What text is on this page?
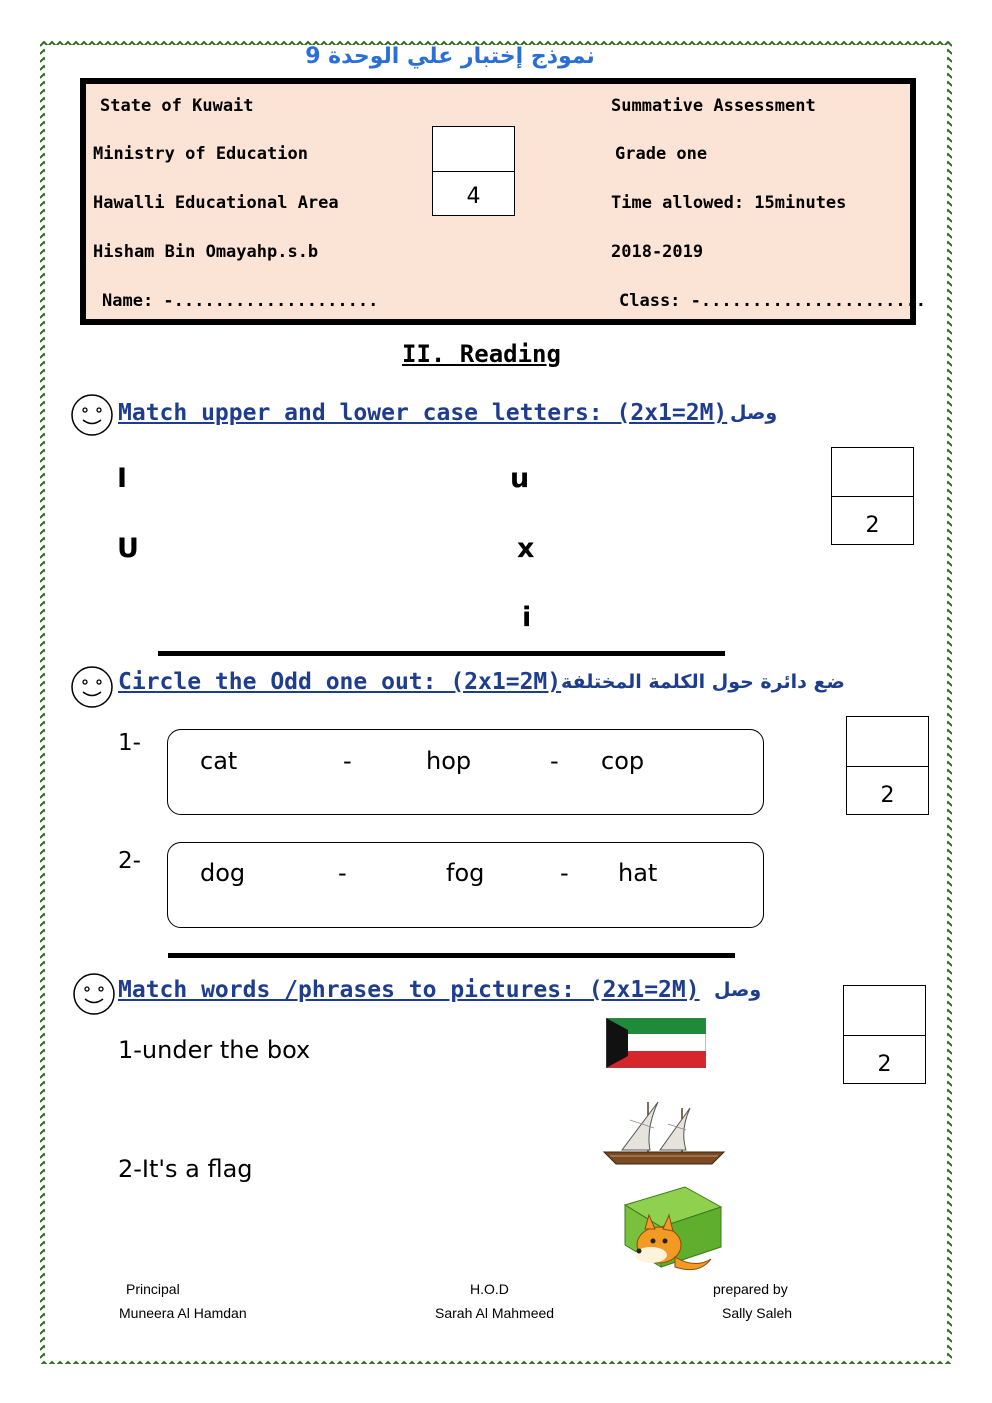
نموذج إختبار علي الوحدة 9
State of Kuwait
Ministry of Education
Hawalli Educational Area
Hisham Bin Omayahp.s.b
Name: -....................
Summative Assessment
Grade one
Time allowed: 15minutes
2018-2019
Class: -......................
4
II. Reading
Match upper and lower case letters: (2x1=2M) وصل
I
U
u
x
i
2
Circle the Odd one out: (2x1=2M) ضع دائرة حول الكلمة المختلفة
1-
cat	-	hop	- cop
2- dog	-	fog	- hat
2
Match words /phrases to pictures: (2x1=2M) وصل
1-under the box
2-It's a flag
2
Principal	H.O.D	prepared by
Muneera Al Hamdan	Sarah Al Mahmeed	Sally Saleh
